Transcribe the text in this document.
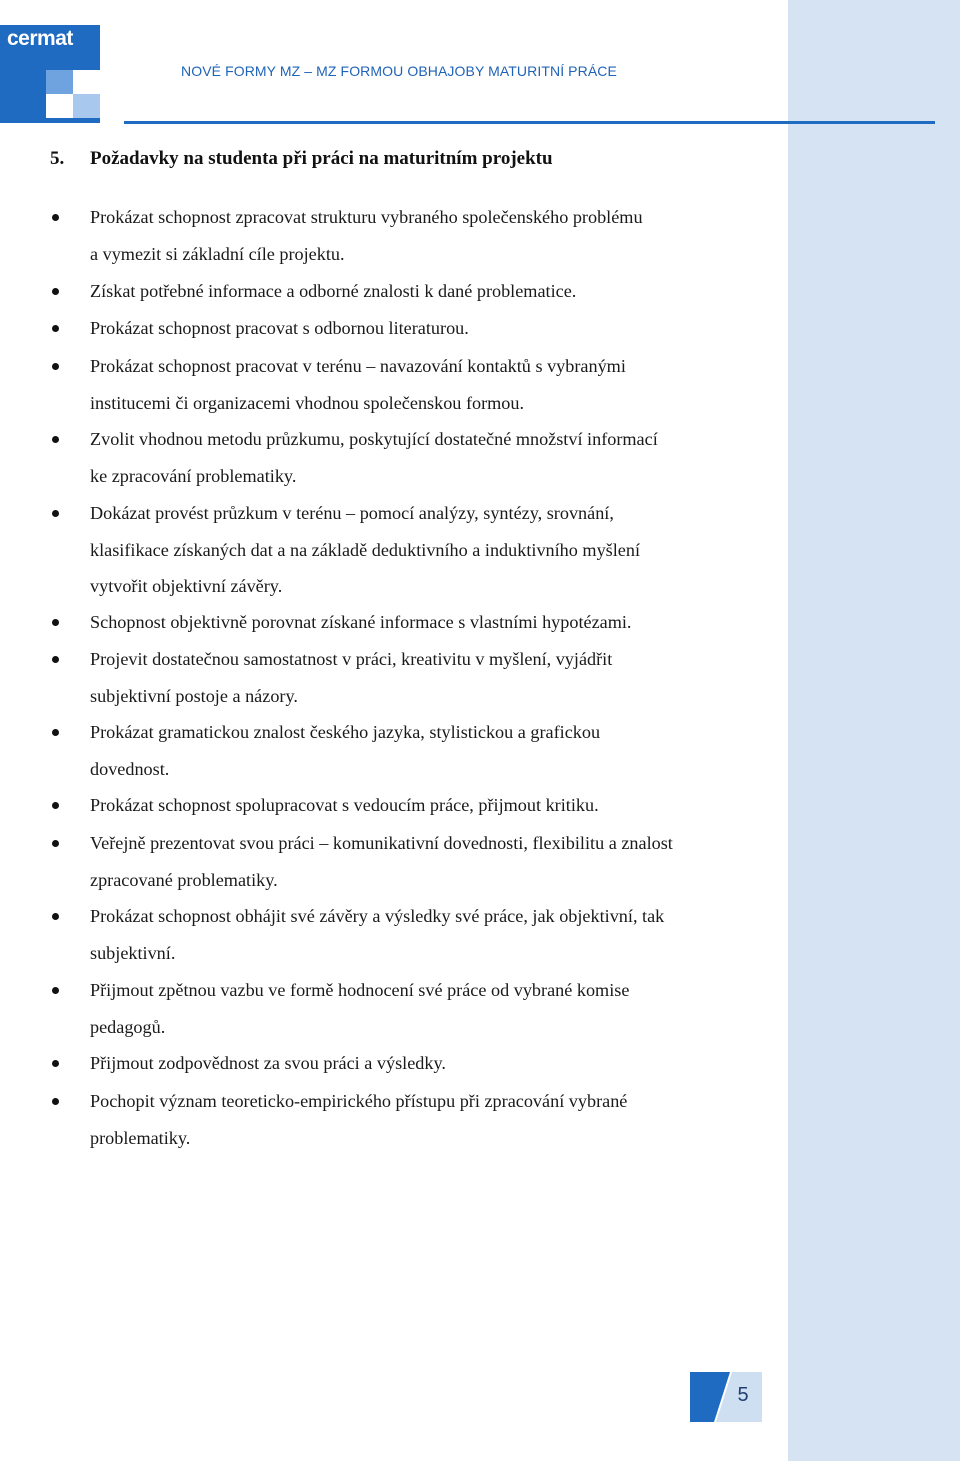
cermat
NOVÉ FORMY MZ – MZ FORMOU OBHAJOBY MATURITNÍ PRÁCE
5. Požadavky na studenta při práci na maturitním projektu
Prokázat schopnost zpracovat strukturu vybraného společenského problému
a vymezit si základní cíle projektu.
Získat potřebné informace a odborné znalosti k dané problematice.
Prokázat schopnost pracovat s odbornou literaturou.
Prokázat schopnost pracovat v terénu – navazování kontaktů s vybranými
institucemi či organizacemi vhodnou společenskou formou.
Zvolit vhodnou metodu průzkumu, poskytující dostatečné množství informací
ke zpracování problematiky.
Dokázat provést průzkum v terénu – pomocí analýzy, syntézy, srovnání,
klasifikace získaných dat a na základě deduktivního a induktivního myšlení
vytvořit objektivní závěry.
Schopnost objektivně porovnat získané informace s vlastními hypotézami.
Projevit dostatečnou samostatnost v práci, kreativitu v myšlení, vyjádřit
subjektivní postoje a názory.
Prokázat gramatickou znalost českého jazyka, stylistickou a grafickou
dovednost.
Prokázat schopnost spolupracovat s vedoucím práce, přijmout kritiku.
Veřejně prezentovat svou práci – komunikativní dovednosti, flexibilitu a znalost
zpracované problematiky.
Prokázat schopnost obhájit své závěry a výsledky své práce, jak objektivní, tak
subjektivní.
Přijmout zpětnou vazbu ve formě hodnocení své práce od vybrané komise
pedagogů.
Přijmout zodpovědnost za svou práci a výsledky.
Pochopit význam teoreticko-empirického přístupu při zpracování vybrané
problematiky.
5
